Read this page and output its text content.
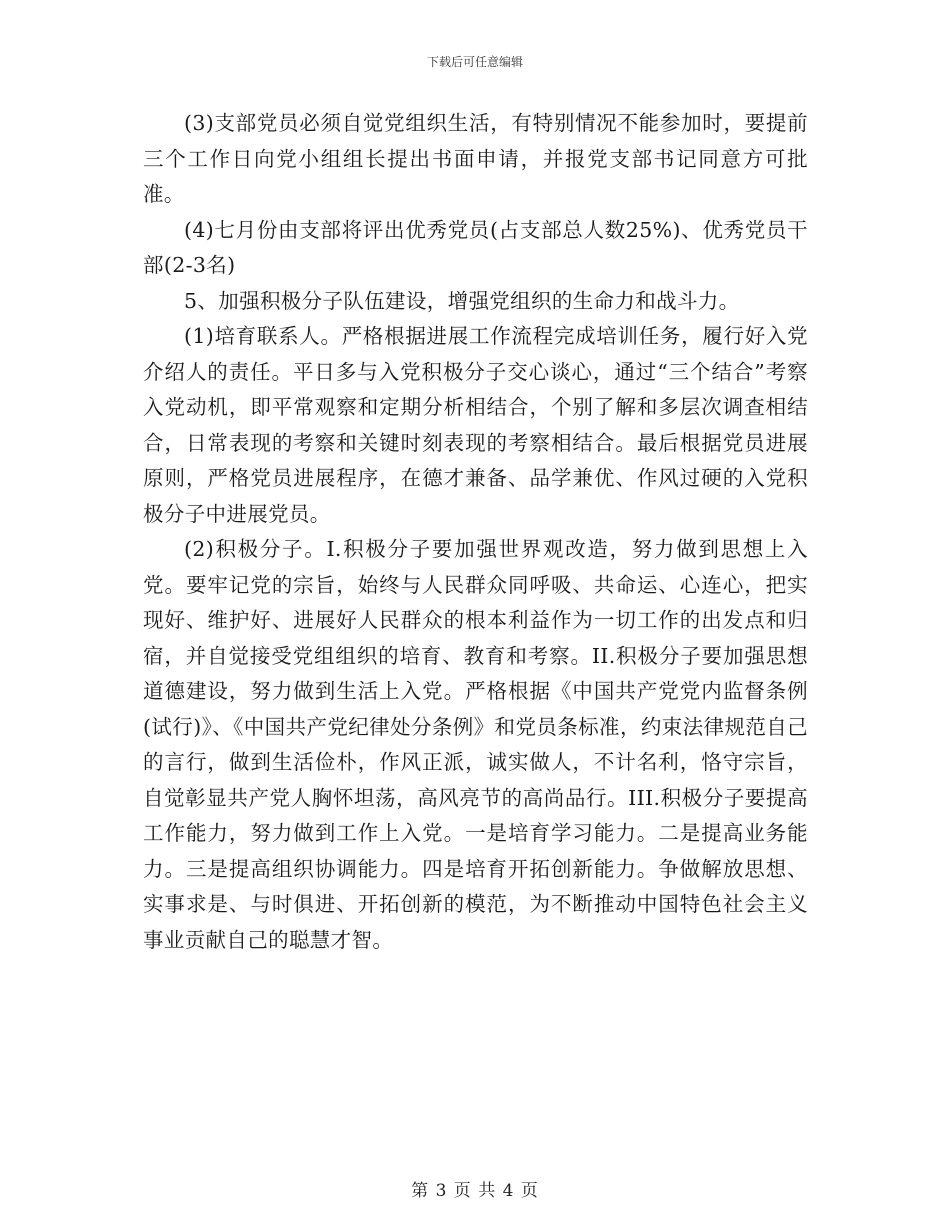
下载后可任意编辑

(3)支部党员必须自觉党组织生活，有特别情况不能参加时，要提前三个工作日向党小组组长提出书面申请，并报党支部书记同意方可批准。

(4)七月份由支部将评出优秀党员(占支部总人数25%)、优秀党员干部(2-3名)

5、加强积极分子队伍建设，增强党组织的生命力和战斗力。

(1)培育联系人。严格根据进展工作流程完成培训任务，履行好入党介绍人的责任。平日多与入党积极分子交心谈心，通过“三个结合”考察入党动机，即平常观察和定期分析相结合，个别了解和多层次调查相结合，日常表现的考察和关键时刻表现的考察相结合。最后根据党员进展原则，严格党员进展程序，在德才兼备、品学兼优、作风过硬的入党积极分子中进展党员。

(2)积极分子。I.积极分子要加强世界观改造，努力做到思想上入党。要牢记党的宗旨，始终与人民群众同呼吸、共命运、心连心，把实现好、维护好、进展好人民群众的根本利益作为一切工作的出发点和归宿，并自觉接受党组组织的培育、教育和考察。II.积极分子要加强思想道德建设，努力做到生活上入党。严格根据《中国共产党党内监督条例(试行)》、《中国共产党纪律处分条例》和党员条标准，约束法律规范自己的言行，做到生活俭朴，作风正派，诚实做人，不计名利，恪守宗旨，自觉彰显共产党人胸怀坦荡，高风亮节的高尚品行。III.积极分子要提高工作能力，努力做到工作上入党。一是培育学习能力。二是提高业务能力。三是提高组织协调能力。四是培育开拓创新能力。争做解放思想、实事求是、与时俱进、开拓创新的模范，为不断推动中国特色社会主义事业贡献自己的聪慧才智。

第 3 页 共 4 页
